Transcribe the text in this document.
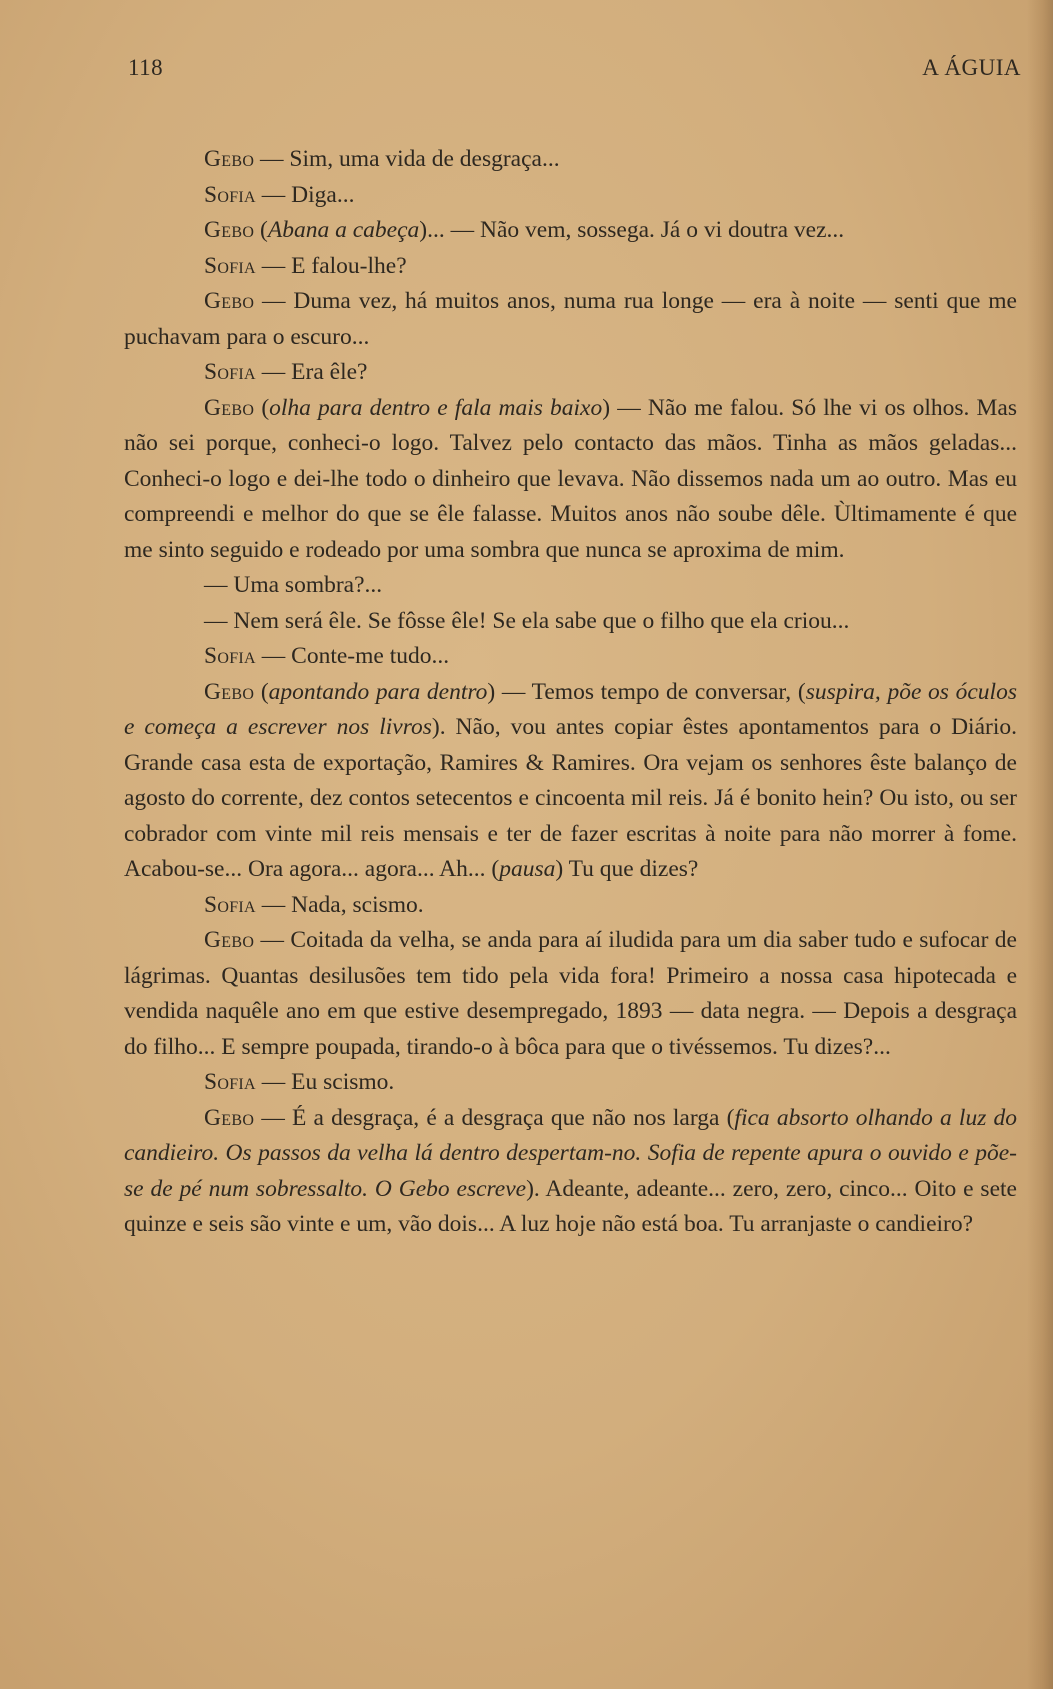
118	A ÁGUIA

Gebo — Sim, uma vida de desgraça...

Sofia — Diga...

Gebo (Abana a cabeça)... — Não vem, sossega. Já o vi doutra vez...

Sofia — E falou-lhe?

Gebo — Duma vez, há muitos anos, numa rua longe — era à noite — senti que me puchavam para o escuro...

Sofia — Era êle?

Gebo (olha para dentro e fala mais baixo) — Não me falou. Só lhe vi os olhos. Mas não sei porque, conheci-o logo. Talvez pelo contacto das mãos. Tinha as mãos geladas... Conheci-o logo e dei-lhe todo o dinheiro que levava. Não dissemos nada um ao outro. Mas eu compreendi e melhor do que se êle falasse. Muitos anos não soube dêle. Ùltimamente é que me sinto seguido e rodeado por uma sombra que nunca se aproxima de mim.

— Uma sombra?...

— Nem será êle. Se fôsse êle! Se ela sabe que o filho que ela criou...

Sofia — Conte-me tudo...

Gebo (apontando para dentro) — Temos tempo de conversar, (suspira, põe os óculos e começa a escrever nos livros). Não, vou antes copiar êstes apontamentos para o Diário. Grande casa esta de exportação, Ramires & Ramires. Ora vejam os senhores êste balanço de agosto do corrente, dez contos setecentos e cincoenta mil reis. Já é bonito hein? Ou isto, ou ser cobrador com vinte mil reis mensais e ter de fazer escritas à noite para não morrer à fome. Acabou-se... Ora agora... agora... Ah... (pausa) Tu que dizes?

Sofia — Nada, scismo.

Gebo — Coitada da velha, se anda para aí iludida para um dia saber tudo e sufocar de lágrimas. Quantas desilusões tem tido pela vida fora! Primeiro a nossa casa hipotecada e vendida naquêle ano em que estive desempregado, 1893 — data negra. — Depois a desgraça do filho... E sempre poupada, tirando-o à bôca para que o tivéssemos. Tu dizes?...

Sofia — Eu scismo.

Gebo — É a desgraça, é a desgraça que não nos larga (fica absorto olhando a luz do candieiro. Os passos da velha lá dentro despertam-no. Sofia de repente apura o ouvido e põe-se de pé num sobressalto. O Gebo escreve). Adeante, adeante... zero, zero, cinco... Oito e sete quinze e seis são vinte e um, vão dois... A luz hoje não está boa. Tu arranjaste o candieiro?
